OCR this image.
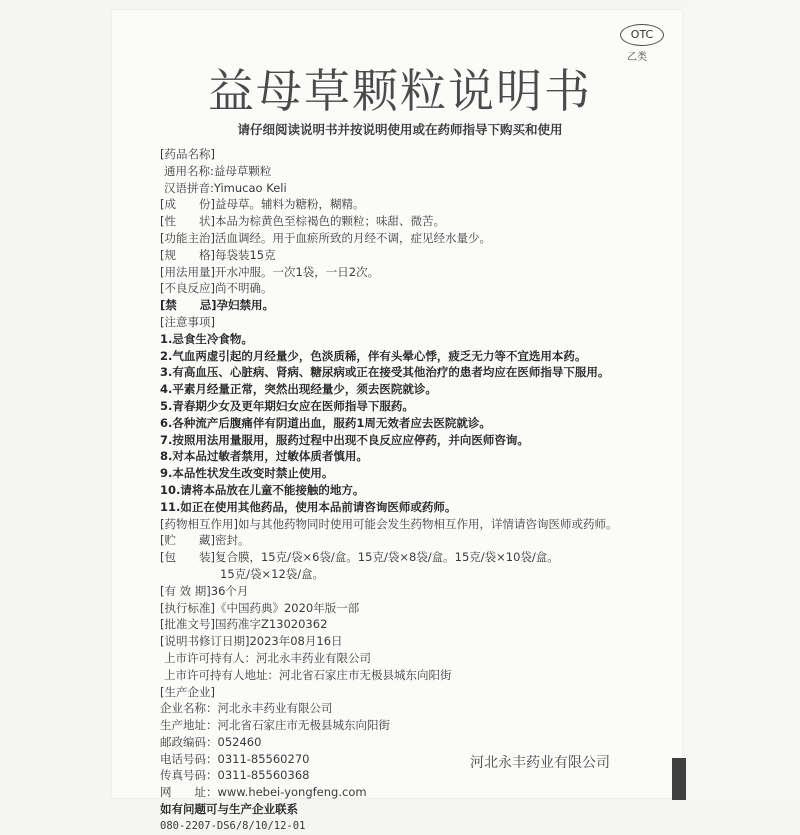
OTC
乙类
益母草颗粒说明书
请仔细阅读说明书并按说明使用或在药师指导下购买和使用
[药品名称]
通用名称:益母草颗粒
汉语拼音:Yimucao Keli
[成　　份]益母草。辅料为糖粉，糊精。
[性　　状]本品为棕黄色至棕褐色的颗粒；味甜、微苦。
[功能主治]活血调经。用于血瘀所致的月经不调，症见经水量少。
[规　　格]每袋装15克
[用法用量]开水冲服。一次1袋，一日2次。
[不良反应]尚不明确。
[禁　　忌]孕妇禁用。
[注意事项]
1.忌食生冷食物。
2.气血两虚引起的月经量少，色淡质稀，伴有头晕心悸，疲乏无力等不宜选用本药。
3.有高血压、心脏病、肾病、糖尿病或正在接受其他治疗的患者均应在医师指导下服用。
4.平素月经量正常，突然出现经量少，须去医院就诊。
5.青春期少女及更年期妇女应在医师指导下服药。
6.各种流产后腹痛伴有阴道出血，服药1周无效者应去医院就诊。
7.按照用法用量服用，服药过程中出现不良反应应停药，并向医师咨询。
8.对本品过敏者禁用，过敏体质者慎用。
9.本品性状发生改变时禁止使用。
10.请将本品放在儿童不能接触的地方。
11.如正在使用其他药品，使用本品前请咨询医师或药师。
[药物相互作用]如与其他药物同时使用可能会发生药物相互作用，详情请咨询医师或药师。
[贮　　藏]密封。
[包　　装]复合膜，15克/袋×6袋/盒。15克/袋×8袋/盒。15克/袋×10袋/盒。
15克/袋×12袋/盒。
[有 效 期]36个月
[执行标准]《中国药典》2020年版一部
[批准文号]国药准字Z13020362
[说明书修订日期]2023年08月16日
上市许可持有人：河北永丰药业有限公司
上市许可持有人地址：河北省石家庄市无极县城东向阳街
[生产企业]
企业名称：河北永丰药业有限公司
生产地址：河北省石家庄市无极县城东向阳街
邮政编码：052460
电话号码：0311-85560270
传真号码：0311-85560368
网　　址：www.hebei-yongfeng.com
如有问题可与生产企业联系
080-2207-DS6/8/10/12-01
河北永丰药业有限公司
